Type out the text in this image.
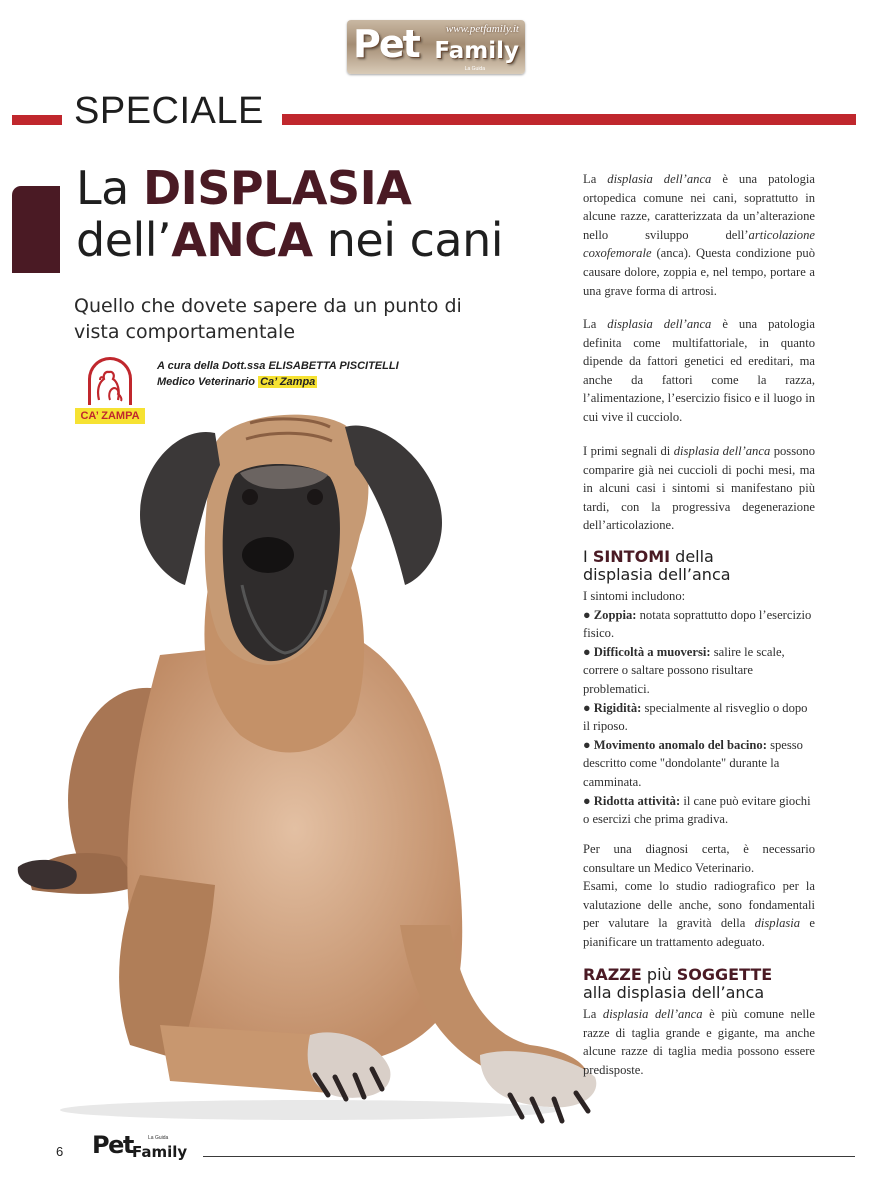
Pet www.petfamily.it
Family
La Guida
SPECIALE
La DISPLASIA
dell’ANCA nei cani
Quello che dovete sapere da un punto di vista comportamentale
CA’ ZAMPA
A cura della Dott.ssa ELISABETTA PISCITELLI
Medico Veterinario Ca’ Zampa

La displasia dell’anca è una patologia ortopedica comune nei cani, soprattutto in alcune razze, caratterizzata da un’alterazione nello sviluppo dell’articolazione coxofemorale (anca). Questa condizione può causare dolore, zoppia e, nel tempo, portare a una grave forma di artrosi.

La displasia dell’anca è una patologia definita come multifattoriale, in quanto dipende da fattori genetici ed ereditari, ma anche da fattori come la razza, l’alimentazione, l’esercizio fisico e il luogo in cui vive il cucciolo.

I primi segnali di displasia dell’anca possono comparire già nei cuccioli di pochi mesi, ma in alcuni casi i sintomi si manifestano più tardi, con la progressiva degenerazione dell’articolazione.

I SINTOMI della
displasia dell’anca

I sintomi includono:

● Zoppia: notata soprattutto dopo l’esercizio fisico.

● Difficoltà a muoversi: salire le scale, correre o saltare possono risultare problematici.

● Rigidità: specialmente al risveglio o dopo il riposo.

● Movimento anomalo del bacino: spesso descritto come "dondolante" durante la camminata.

● Ridotta attività: il cane può evitare giochi o esercizi che prima gradiva.

Per una diagnosi certa, è necessario consultare un Medico Veterinario.

Esami, come lo studio radiografico per la valutazione delle anche, sono fondamentali per valutare la gravità della displasia e pianificare un trattamento adeguato.

RAZZE più SOGGETTE
alla displasia dell’anca

La displasia dell’anca è più comune nelle razze di taglia grande e gigante, ma anche alcune razze di taglia media possono essere predisposte.

6 Pet	La Guida
Family
